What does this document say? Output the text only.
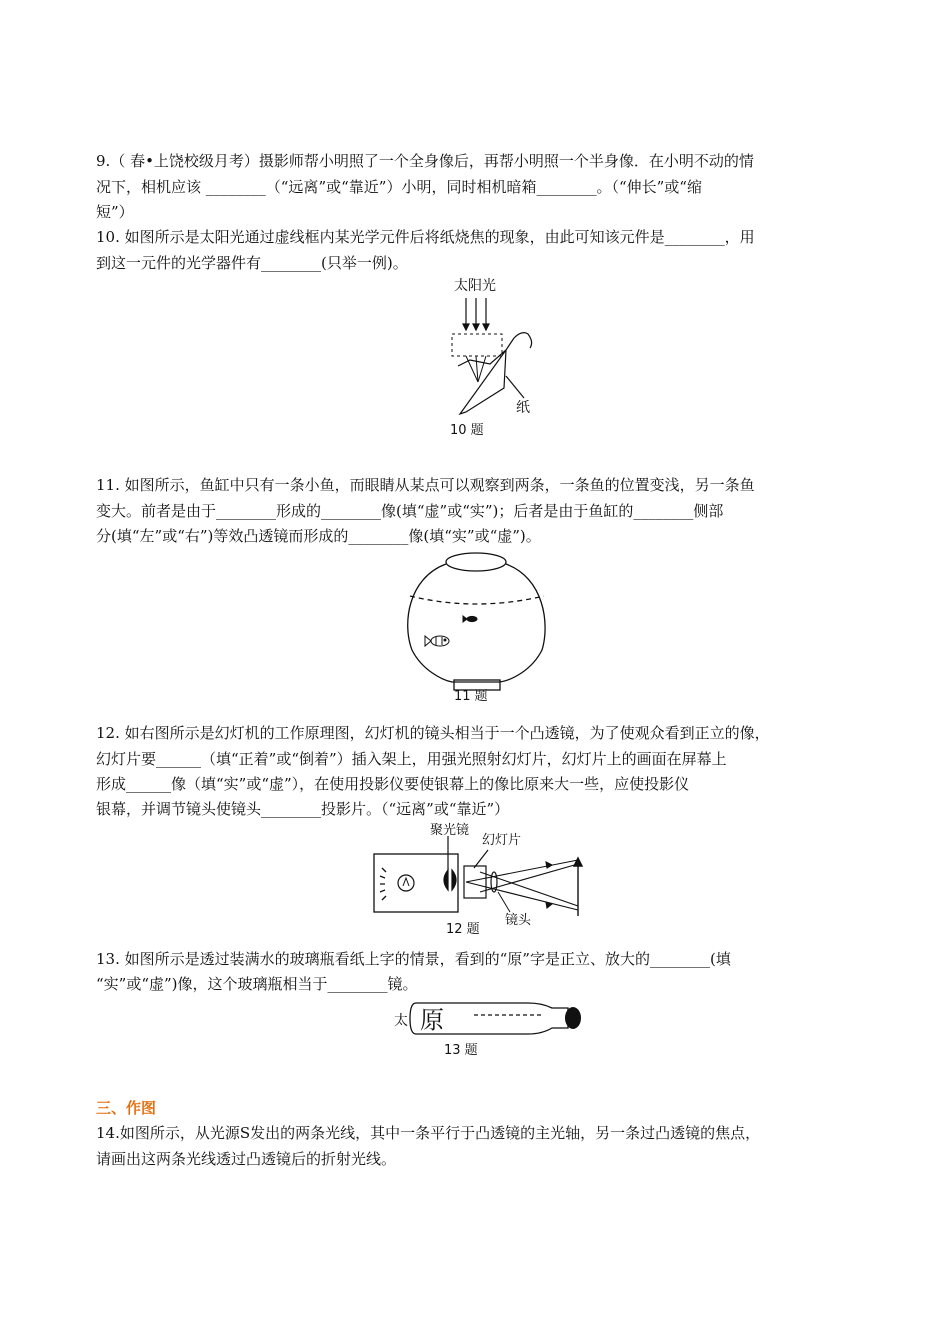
9.（ 春•上饶校级月考）摄影师帮小明照了一个全身像后，再帮小明照一个半身像．在小明不动的情
况下，相机应该 ________（“远离”或“靠近”）小明，同时相机暗箱________。（“伸长”或“缩
短”）
10. 如图所示是太阳光通过虚线框内某光学元件后将纸烧焦的现象，由此可知该元件是________，用
到这一元件的光学器件有________(只举一例)。
太阳光
纸
10 题
11. 如图所示，鱼缸中只有一条小鱼，而眼睛从某点可以观察到两条，一条鱼的位置变浅，另一条鱼
变大。前者是由于________形成的________像(填“虚”或“实”)；后者是由于鱼缸的________侧部
分(填“左”或“右”)等效凸透镜而形成的________像(填“实”或“虚”)。
11 题
12. 如右图所示是幻灯机的工作原理图，幻灯机的镜头相当于一个凸透镜，为了使观众看到正立的像，
幻灯片要______（填“正着”或“倒着”）插入架上，用强光照射幻灯片，幻灯片上的画面在屏幕上
形成______像（填“实”或“虚”），在使用投影仪要使银幕上的像比原来大一些，应使投影仪
银幕，并调节镜头使镜头________投影片。（“远离”或“靠近”）
聚光镜
幻灯片
镜头
12 题
13. 如图所示是透过装满水的玻璃瓶看纸上字的情景，看到的“原”字是正立、放大的________(填
“实”或“虚”)像，这个玻璃瓶相当于________镜。
太 原
13 题
三、作图
14.如图所示，从光源S发出的两条光线，其中一条平行于凸透镜的主光轴，另一条过凸透镜的焦点，
请画出这两条光线透过凸透镜后的折射光线。
